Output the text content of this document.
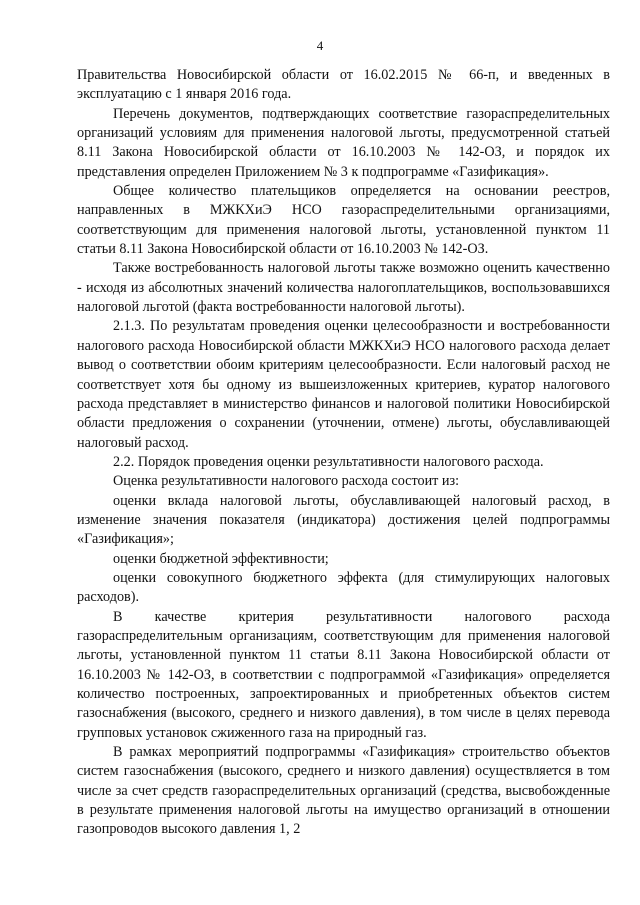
4

Правительства Новосибирской области от 16.02.2015 № 66-п, и введенных в эксплуатацию с 1 января 2016 года.

Перечень документов, подтверждающих соответствие газораспределительных организаций условиям для применения налоговой льготы, предусмотренной статьей 8.11 Закона Новосибирской области от 16.10.2003 № 142-ОЗ, и порядок их представления определен Приложением № 3 к подпрограмме «Газификация».

Общее количество плательщиков определяется на основании реестров, направленных в МЖКХиЭ НСО газораспределительными организациями, соответствующим для применения налоговой льготы, установленной пунктом 11 статьи 8.11 Закона Новосибирской области от 16.10.2003 № 142-ОЗ.

Также востребованность налоговой льготы также возможно оценить качественно - исходя из абсолютных значений количества налогоплательщиков, воспользовавшихся налоговой льготой (факта востребованности налоговой льготы).

2.1.3. По результатам проведения оценки целесообразности и востребованности налогового расхода Новосибирской области МЖКХиЭ НСО налогового расхода делает вывод о соответствии обоим критериям целесообразности. Если налоговый расход не соответствует хотя бы одному из вышеизложенных критериев, куратор налогового расхода представляет в министерство финансов и налоговой политики Новосибирской области предложения о сохранении (уточнении, отмене) льготы, обуславливающей налоговый расход.

2.2. Порядок проведения оценки результативности налогового расхода.

Оценка результативности налогового расхода состоит из:

оценки вклада налоговой льготы, обуславливающей налоговый расход, в изменение значения показателя (индикатора) достижения целей подпрограммы «Газификация»;

оценки бюджетной эффективности;

оценки совокупного бюджетного эффекта (для стимулирующих налоговых расходов).

В качестве критерия результативности налогового расхода газораспределительным организациям, соответствующим для применения налоговой льготы, установленной пунктом 11 статьи 8.11 Закона Новосибирской области от 16.10.2003 № 142-ОЗ, в соответствии с подпрограммой «Газификация» определяется количество построенных, запроектированных и приобретенных объектов систем газоснабжения (высокого, среднего и низкого давления), в том числе в целях перевода групповых установок сжиженного газа на природный газ.

В рамках мероприятий подпрограммы «Газификация» строительство объектов систем газоснабжения (высокого, среднего и низкого давления) осуществляется в том числе за счет средств газораспределительных организаций (средства, высвобожденные в результате применения налоговой льготы на имущество организаций в отношении газопроводов высокого давления 1, 2
